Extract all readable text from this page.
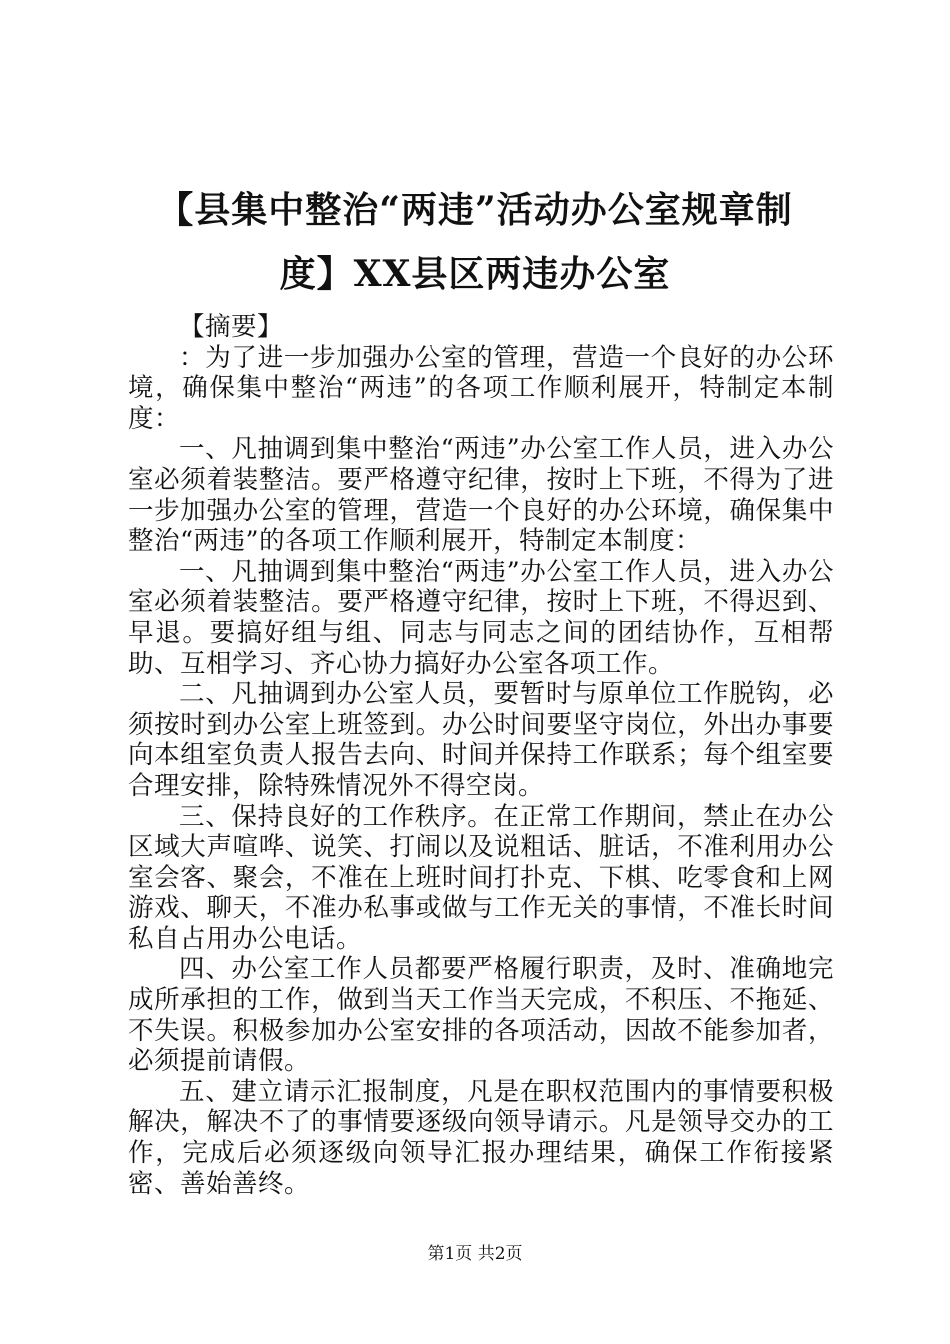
【县集中整治“两违”活动办公室规章制
度】XX县区两违办公室

【摘要】

：为了进一步加强办公室的管理，营造一个良好的办公环境，确保集中整治“两违”的各项工作顺利展开，特制定本制度：

一、凡抽调到集中整治“两违”办公室工作人员，进入办公室必须着装整洁。要严格遵守纪律，按时上下班，不得为了进一步加强办公室的管理，营造一个良好的办公环境，确保集中整治“两违”的各项工作顺利展开，特制定本制度：

一、凡抽调到集中整治“两违”办公室工作人员，进入办公室必须着装整洁。要严格遵守纪律，按时上下班，不得迟到、早退。要搞好组与组、同志与同志之间的团结协作，互相帮助、互相学习、齐心协力搞好办公室各项工作。

二、凡抽调到办公室人员，要暂时与原单位工作脱钩，必须按时到办公室上班签到。办公时间要坚守岗位，外出办事要向本组室负责人报告去向、时间并保持工作联系；每个组室要合理安排，除特殊情况外不得空岗。

三、保持良好的工作秩序。在正常工作期间，禁止在办公区域大声喧哗、说笑、打闹以及说粗话、脏话，不准利用办公室会客、聚会，不准在上班时间打扑克、下棋、吃零食和上网游戏、聊天，不准办私事或做与工作无关的事情，不准长时间私自占用办公电话。

四、办公室工作人员都要严格履行职责，及时、准确地完成所承担的工作，做到当天工作当天完成，不积压、不拖延、不失误。积极参加办公室安排的各项活动，因故不能参加者，必须提前请假。

五、建立请示汇报制度，凡是在职权范围内的事情要积极解决，解决不了的事情要逐级向领导请示。凡是领导交办的工作，完成后必须逐级向领导汇报办理结果，确保工作衔接紧密、善始善终。

第1页 共2页
